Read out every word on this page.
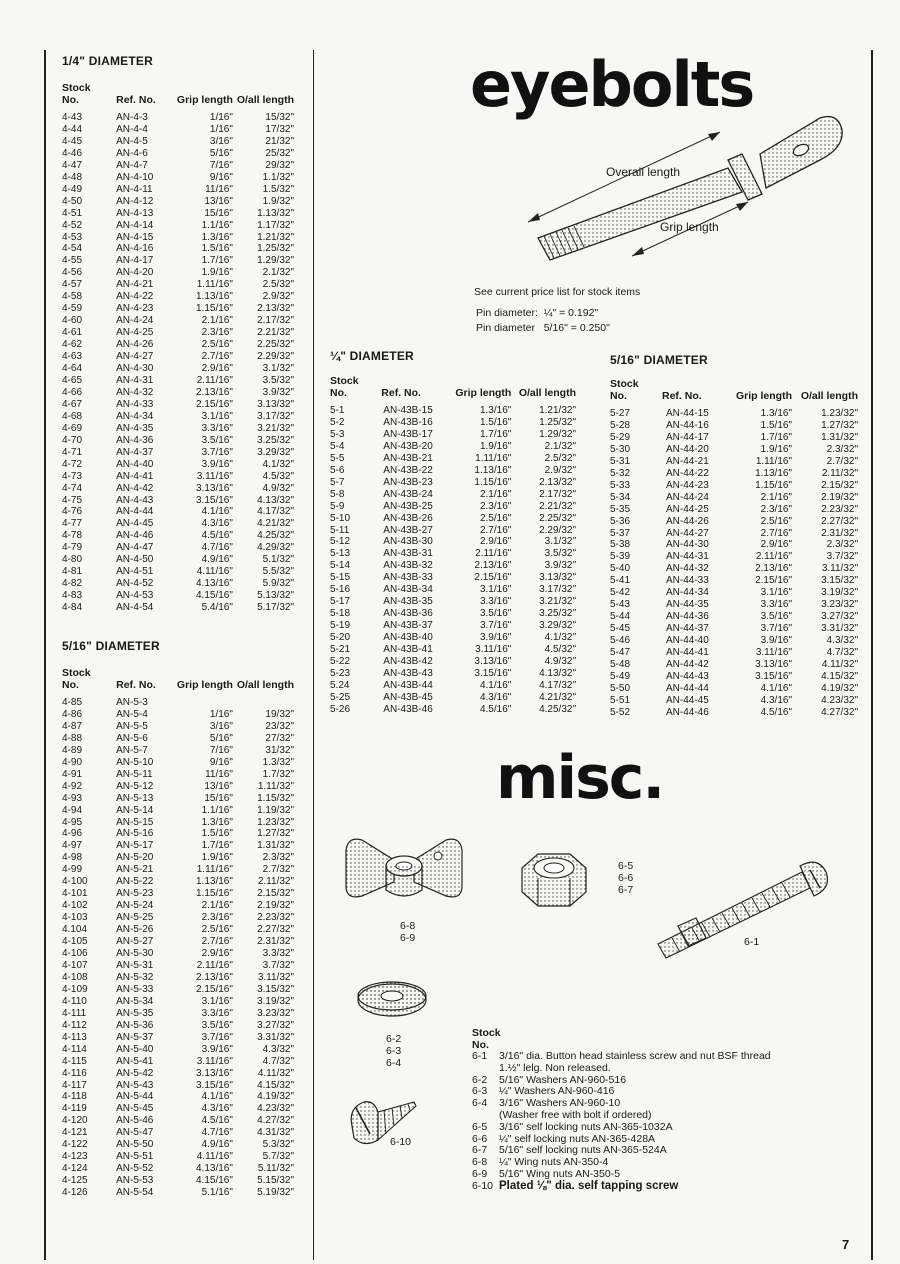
1/4" DIAMETER

Stock No.	Ref. No.	Grip length	O/all length
4-43	AN-4-3	1/16"	15/32"
4-44	AN-4-4	1/16"	17/32"
4-45	AN-4-5	3/16"	21/32"
4-46	AN-4-6	5/16"	25/32"
4-47	AN-4-7	7/16"	29/32"
4-48	AN-4-10	9/16"	1.1/32"
4-49	AN-4-11	11/16"	1.5/32"
4-50	AN-4-12	13/16"	1.9/32"
4-51	AN-4-13	15/16"	1.13/32"
4-52	AN-4-14	1.1/16"	1.17/32"
4-53	AN-4-15	1.3/16"	1.21/32"
4-54	AN-4-16	1.5/16"	1.25/32"
4-55	AN-4-17	1.7/16"	1.29/32"
4-56	AN-4-20	1.9/16"	2.1/32"
4-57	AN-4-21	1.11/16"	2.5/32"
4-58	AN-4-22	1.13/16"	2.9/32"
4-59	AN-4-23	1.15/16"	2.13/32"
4-60	AN-4-24	2.1/16"	2.17/32"
4-61	AN-4-25	2.3/16"	2.21/32"
4-62	AN-4-26	2.5/16"	2.25/32"
4-63	AN-4-27	2.7/16"	2.29/32"
4-64	AN-4-30	2.9/16"	3.1/32"
4-65	AN-4-31	2.11/16"	3.5/32"
4-66	AN-4-32	2.13/16"	3.9/32"
4-67	AN-4-33	2.15/16"	3.13/32"
4-68	AN-4-34	3.1/16"	3.17/32"
4-69	AN-4-35	3.3/16"	3.21/32"
4-70	AN-4-36	3.5/16"	3.25/32"
4-71	AN-4-37	3.7/16"	3.29/32"
4-72	AN-4-40	3.9/16"	4.1/32"
4-73	AN-4-41	3.11/16"	4.5/32"
4-74	AN-4-42	3.13/16"	4.9/32"
4-75	AN-4-43	3.15/16"	4.13/32"
4-76	AN-4-44	4.1/16"	4.17/32"
4-77	AN-4-45	4.3/16"	4.21/32"
4-78	AN-4-46	4.5/16"	4.25/32"
4-79	AN-4-47	4.7/16"	4.29/32"
4-80	AN-4-50	4.9/16"	5.1/32"
4-81	AN-4-51	4.11/16"	5.5/32"
4-82	AN-4-52	4.13/16"	5.9/32"
4-83	AN-4-53	4.15/16"	5.13/32"
4-84	AN-4-54	5.4/16"	5.17/32"

5/16" DIAMETER

Stock No.	Ref. No.	Grip length	O/all length
4-85	AN-5-3		
4-86	AN-5-4	1/16"	19/32"
4-87	AN-5-5	3/16"	23/32"
4-88	AN-5-6	5/16"	27/32"
4-89	AN-5-7	7/16"	31/32"
4-90	AN-5-10	9/16"	1.3/32"
4-91	AN-5-11	11/16"	1.7/32"
4-92	AN-5-12	13/16"	1.11/32"
4-93	AN-5-13	15/16"	1.15/32"
4-94	AN-5-14	1.1/16"	1.19/32"
4-95	AN-5-15	1.3/16"	1.23/32"
4-96	AN-5-16	1.5/16"	1.27/32"
4-97	AN-5-17	1.7/16"	1.31/32"
4-98	AN-5-20	1.9/16"	2.3/32"
4-99	AN-5-21	1.11/16"	2.7/32"
4-100	AN-5-22	1.13/16"	2.11/32"
4-101	AN-5-23	1.15/16"	2.15/32"
4-102	AN-5-24	2.1/16"	2.19/32"
4-103	AN-5-25	2.3/16"	2.23/32"
4.104	AN-5-26	2.5/16"	2.27/32"
4-105	AN-5-27	2.7/16"	2.31/32"
4-106	AN-5-30	2.9/16"	3.3/32"
4-107	AN-5-31	2.11/16"	3.7/32"
4-108	AN-5-32	2.13/16"	3.11/32"
4-109	AN-5-33	2.15/16"	3.15/32"
4-110	AN-5-34	3.1/16"	3.19/32"
4-111	AN-5-35	3.3/16"	3.23/32"
4-112	AN-5-36	3.5/16"	3.27/32"
4-113	AN-5-37	3.7/16"	3.31/32"
4-114	AN-5-40	3.9/16"	4.3/32"
4-115	AN-5-41	3.11/16"	4.7/32"
4-116	AN-5-42	3.13/16"	4.11/32"
4-117	AN-5-43	3.15/16"	4.15/32"
4-118	AN-5-44	4.1/16"	4.19/32"
4-119	AN-5-45	4.3/16"	4.23/32"
4-120	AN-5-46	4.5/16"	4.27/32"
4-121	AN-5-47	4.7/16"	4.31/32"
4-122	AN-5-50	4.9/16"	5.3/32"
4-123	AN-5-51	4.11/16"	5.7/32"
4-124	AN-5-52	4.13/16"	5.11/32"
4-125	AN-5-53	4.15/16"	5.15/32"
4-126	AN-5-54	5.1/16"	5.19/32"

¼" DIAMETER

Stock No.	Ref. No.	Grip length	O/all length
5-1	AN-43B-15	1.3/16"	1.21/32"
5-2	AN-43B-16	1.5/16"	1.25/32"
5-3	AN-43B-17	1.7/16"	1.29/32"
5-4	AN-43B-20	1.9/16"	2.1/32"
5-5	AN-43B-21	1.11/16"	2.5/32"
5-6	AN-43B-22	1.13/16"	2.9/32"
5-7	AN-43B-23	1.15/16"	2.13/32"
5-8	AN-43B-24	2.1/16"	2.17/32"
5-9	AN-43B-25	2.3/16"	2.21/32"
5-10	AN-43B-26	2.5/16"	2.25/32"
5-11	AN-43B-27	2.7/16"	2.29/32"
5-12	AN-43B-30	2.9/16"	3.1/32"
5-13	AN-43B-31	2.11/16"	3.5/32"
5-14	AN-43B-32	2.13/16"	3.9/32"
5-15	AN-43B-33	2.15/16"	3.13/32"
5-16	AN-43B-34	3.1/16"	3.17/32"
5-17	AN-43B-35	3.3/16"	3.21/32"
5-18	AN-43B-36	3.5/16"	3.25/32"
5-19	AN-43B-37	3.7/16"	3.29/32"
5-20	AN-43B-40	3.9/16"	4.1/32"
5-21	AN-43B-41	3.11/16"	4.5/32"
5-22	AN-43B-42	3.13/16"	4.9/32"
5-23	AN-43B-43	3.15/16"	4.13/32"
5.24	AN-43B-44	4.1/16"	4.17/32"
5-25	AN-43B-45	4.3/16"	4.21/32"
5-26	AN-43B-46	4.5/16"	4.25/32"

5/16" DIAMETER

Stock No.	Ref. No.	Grip length	O/all length
5-27	AN-44-15	1.3/16"	1.23/32"
5-28	AN-44-16	1.5/16"	1.27/32"
5-29	AN-44-17	1.7/16"	1.31/32"
5-30	AN-44-20	1.9/16"	2.3/32"
5-31	AN-44-21	1.11/16"	2.7/32"
5-32	AN-44-22	1.13/16"	2.11/32"
5-33	AN-44-23	1.15/16"	2.15/32"
5-34	AN-44-24	2.1/16"	2.19/32"
5-35	AN-44-25	2.3/16"	2.23/32"
5-36	AN-44-26	2.5/16"	2.27/32"
5-37	AN-44-27	2.7/16"	2.31/32"
5-38	AN-44-30	2.9/16"	2.3/32"
5-39	AN-44-31	2.11/16"	3.7/32"
5-40	AN-44-32	2.13/16"	3.11/32"
5-41	AN-44-33	2.15/16"	3.15/32"
5-42	AN-44-34	3.1/16"	3.19/32"
5-43	AN-44-35	3.3/16"	3.23/32"
5-44	AN-44-36	3.5/16"	3.27/32"
5-45	AN-44-37	3.7/16"	3.31/32"
5-46	AN-44-40	3.9/16"	4.3/32"
5-47	AN-44-41	3.11/16"	4.7/32"
5-48	AN-44-42	3.13/16"	4.11/32"
5-49	AN-44-43	3.15/16"	4.15/32"
5-50	AN-44-44	4.1/16"	4.19/32"
5-51	AN-44-45	4.3/16"	4.23/32"
5-52	AN-44-46	4.5/16"	4.27/32"
eyebolts
Overall length
Grip length
See current price list for stock items
Pin diameter:  ¼" = 0.192"
Pin diameter   5/16" = 0.250"
misc.
6-8
6-9
6-5
6-6
6-7
6-1
6-2
6-3
6-4
6-10
Stock
No.
6-1	3/16" dia. Button head stainless screw and nut BSF thread
1.½" lelg. Non released.
6-2	5/16" Washers AN-960-516
6-3	¼" Washers AN-960-416
6-4	3/16" Washers AN-960-10
(Washer free with bolt if ordered)
6-5	3/16" self locking nuts AN-365-1032A
6-6	¼" self locking nuts AN-365-428A
6-7	5/16" self locking nuts AN-365-524A
6-8	¼" Wing nuts AN-350-4
6-9	5/16" Wing nuts AN-350-5
6-10 Plated ⅛" dia. self tapping screw
7
